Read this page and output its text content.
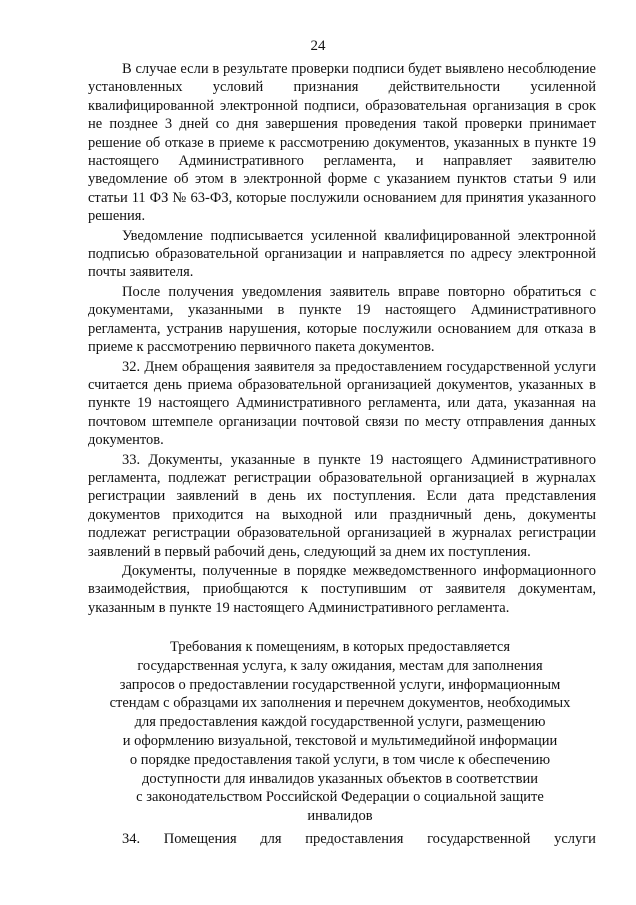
24

В случае если в результате проверки подписи будет выявлено несоблюдение установленных условий признания действительности усиленной квалифицированной электронной подписи, образовательная организация в срок не позднее 3 дней со дня завершения проведения такой проверки принимает решение об отказе в приеме к рассмотрению документов, указанных в пункте 19 настоящего Административного регламента, и направляет заявителю уведомление об этом в электронной форме с указанием пунктов статьи 9 или статьи 11 ФЗ № 63-ФЗ, которые послужили основанием для принятия указанного решения.

Уведомление подписывается усиленной квалифицированной электронной подписью образовательной организации и направляется по адресу электронной почты заявителя.

После получения уведомления заявитель вправе повторно обратиться с документами, указанными в пункте 19 настоящего Административного регламента, устранив нарушения, которые послужили основанием для отказа в приеме к рассмотрению первичного пакета документов.

32. Днем обращения заявителя за предоставлением государственной услуги считается день приема образовательной организацией документов, указанных в пункте 19 настоящего Административного регламента, или дата, указанная на почтовом штемпеле организации почтовой связи по месту отправления данных документов.

33. Документы, указанные в пункте 19 настоящего Административного регламента, подлежат регистрации образовательной организацией в журналах регистрации заявлений в день их поступления. Если дата представления документов приходится на выходной или праздничный день, документы подлежат регистрации образовательной организацией в журналах регистрации заявлений в первый рабочий день, следующий за днем их поступления.

Документы, полученные в порядке межведомственного информационного взаимодействия, приобщаются к поступившим от заявителя документам, указанным в пункте 19 настоящего Административного регламента.

Требования к помещениям, в которых предоставляется
государственная услуга, к залу ожидания, местам для заполнения
запросов о предоставлении государственной услуги, информационным
стендам с образцами их заполнения и перечнем документов, необходимых
для предоставления каждой государственной услуги, размещению
и оформлению визуальной, текстовой и мультимедийной информации
о порядке предоставления такой услуги, в том числе к обеспечению
доступности для инвалидов указанных объектов в соответствии
с законодательством Российской Федерации о социальной защите
инвалидов
34. Помещения для предоставления государственной услуги
